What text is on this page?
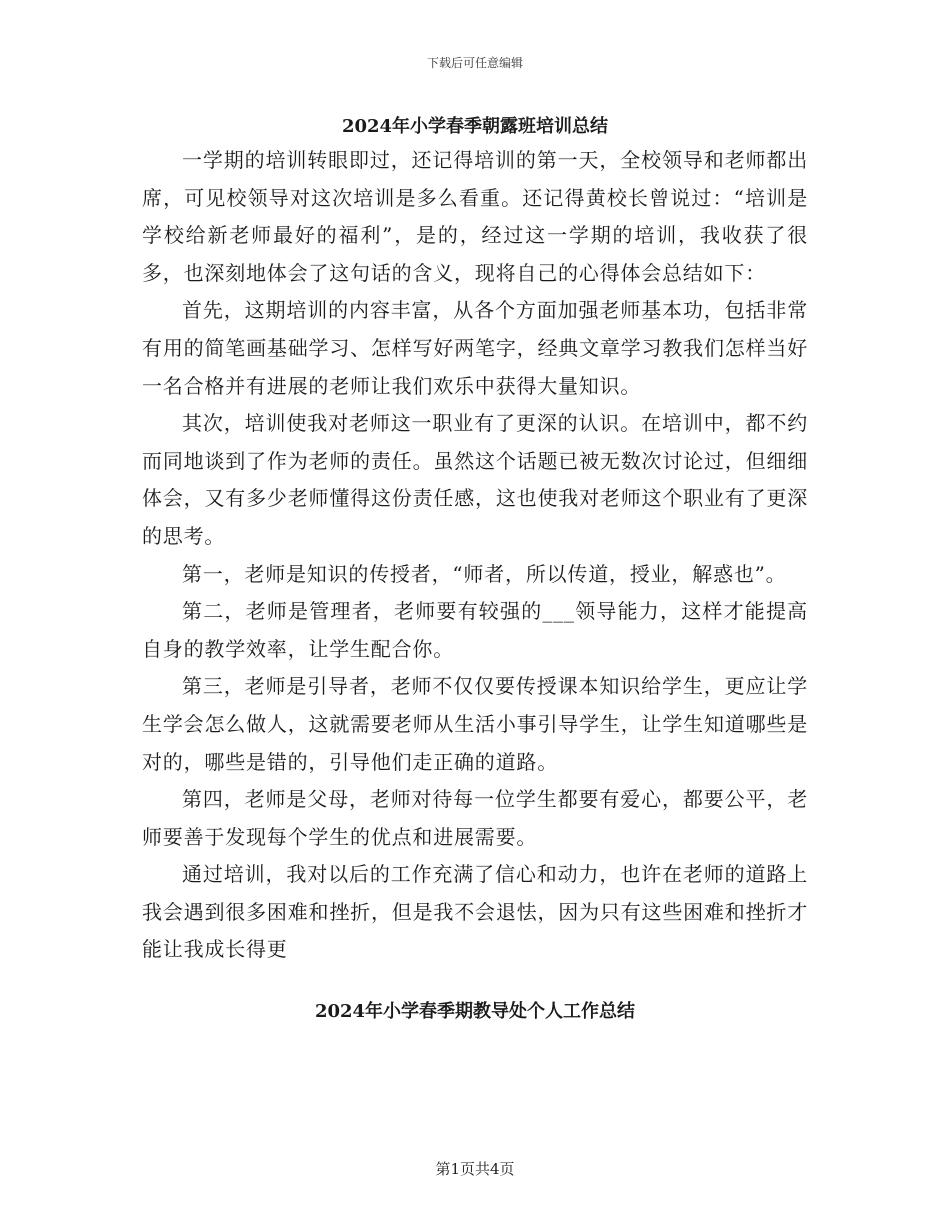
下载后可任意编辑
2024年小学春季朝露班培训总结

一学期的培训转眼即过，还记得培训的第一天，全校领导和老师都出席，可见校领导对这次培训是多么看重。还记得黄校长曾说过：“培训是学校给新老师最好的福利”，是的，经过这一学期的培训，我收获了很多，也深刻地体会了这句话的含义，现将自己的心得体会总结如下：

首先，这期培训的内容丰富，从各个方面加强老师基本功，包括非常有用的简笔画基础学习、怎样写好两笔字，经典文章学习教我们怎样当好一名合格并有进展的老师让我们欢乐中获得大量知识。

其次，培训使我对老师这一职业有了更深的认识。在培训中，都不约而同地谈到了作为老师的责任。虽然这个话题已被无数次讨论过，但细细体会，又有多少老师懂得这份责任感，这也使我对老师这个职业有了更深的思考。

第一，老师是知识的传授者，“师者，所以传道，授业，解惑也”。

第二，老师是管理者，老师要有较强的___领导能力，这样才能提高自身的教学效率，让学生配合你。

第三，老师是引导者，老师不仅仅要传授课本知识给学生，更应让学生学会怎么做人，这就需要老师从生活小事引导学生，让学生知道哪些是对的，哪些是错的，引导他们走正确的道路。

第四，老师是父母，老师对待每一位学生都要有爱心，都要公平，老师要善于发现每个学生的优点和进展需要。

通过培训，我对以后的工作充满了信心和动力，也许在老师的道路上我会遇到很多困难和挫折，但是我不会退怯，因为只有这些困难和挫折才能让我成长得更

2024年小学春季期教导处个人工作总结
第1页共4页
